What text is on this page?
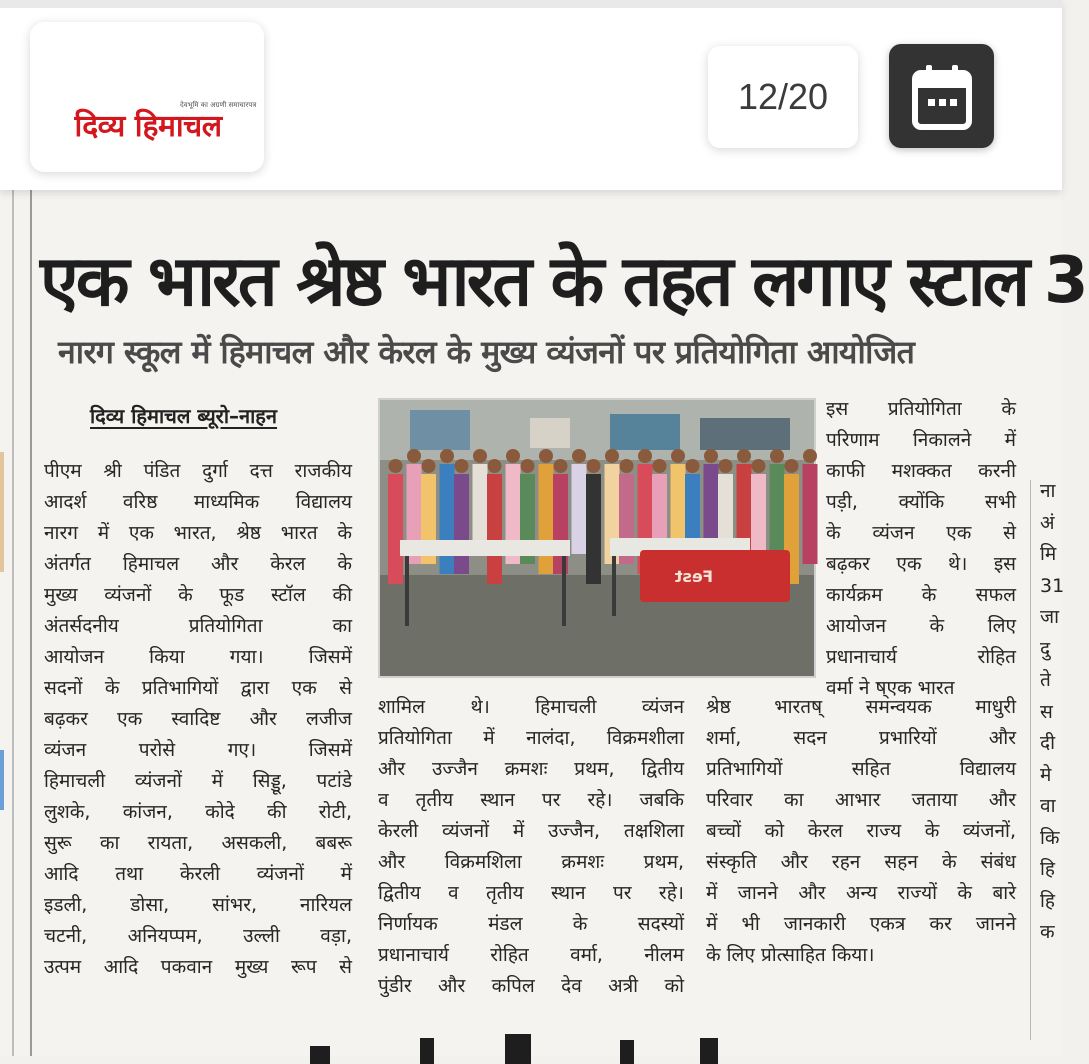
देवभूमि का अग्रणी समाचारपत्र
दिव्य हिमाचल
12/20
3
एक भारत श्रेष्ठ भारत के तहत लगाए स्टाल
नारग स्कूल में हिमाचल और केरल के मुख्य व्यंजनों पर प्रतियोगिता आयोजित
दिव्य हिमाचल ब्यूरो–नाहन
पीएम श्री पंडित दुर्गा दत्त राजकीय
आदर्श वरिष्ठ माध्यमिक विद्यालय
नारग में एक भारत, श्रेष्ठ भारत के
अंतर्गत हिमाचल और केरल के
मुख्य व्यंजनों के फूड स्टॉल की
अंतर्सदनीय प्रतियोगिता का
आयोजन किया गया। जिसमें
सदनों के प्रतिभागियों द्वारा एक से
बढ़कर एक स्वादिष्ट और लजीज
व्यंजन परोसे गए। जिसमें
हिमाचली व्यंजनों में सिड्डू, पटांडे
लुशके, कांजन, कोदे की रोटी,
सुरू का रायता, असकली, बबरू
आदि तथा केरली व्यंजनों में
इडली, डोसा, सांभर, नारियल
चटनी, अनियप्पम, उल्ली वड़ा,
उत्पम आदि पकवान मुख्य रूप से
Fest
शामिल थे। हिमाचली व्यंजन
प्रतियोगिता में नालंदा, विक्रमशीला
और उज्जैन क्रमशः प्रथम, द्वितीय
व तृतीय स्थान पर रहे। जबकि
केरली व्यंजनों में उज्जैन, तक्षशिला
और विक्रमशिला क्रमशः प्रथम,
द्वितीय व तृतीय स्थान पर रहे।
निर्णायक मंडल के सदस्यों
प्रधानाचार्य रोहित वर्मा, नीलम
पुंडीर और कपिल देव अत्री को
इस प्रतियोगिता के
परिणाम निकालने में
काफी मशक्कत करनी
पड़ी, क्योंकि सभी
के व्यंजन एक से
बढ़कर एक थे। इस
कार्यक्रम के सफल
आयोजन के लिए
प्रधानाचार्य रोहित
वर्मा ने ष्एक भारत
श्रेष्ठ भारतष् समन्वयक माधुरी
शर्मा, सदन प्रभारियों और
प्रतिभागियों सहित विद्यालय
परिवार का आभार जताया और
बच्चों को केरल राज्य के व्यंजनों,
संस्कृति और रहन सहन के संबंध
में जानने और अन्य राज्यों के बारे
में भी जानकारी एकत्र कर जानने
के लिए प्रोत्साहित किया।
ना
अं
मि
31
जा
दु
ते
स
दी
मे
वा
कि
हि
हि
क
